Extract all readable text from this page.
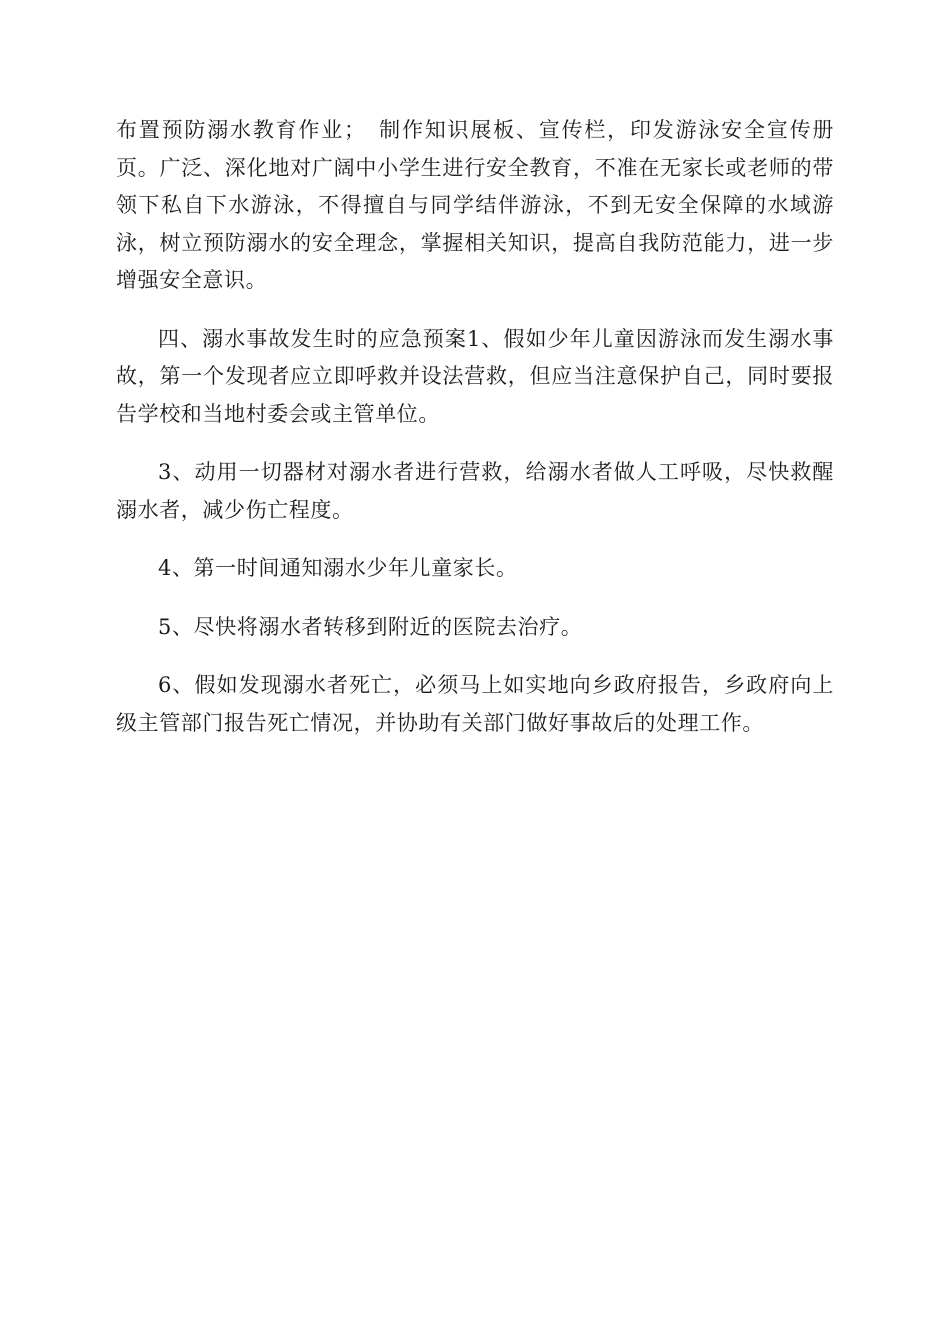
布置预防溺水教育作业；　制作知识展板、宣传栏，印发游泳安全宣传册页。广泛、深化地对广阔中小学生进行安全教育，不准在无家长或老师的带领下私自下水游泳，不得擅自与同学结伴游泳，不到无安全保障的水域游泳，树立预防溺水的安全理念，掌握相关知识，提高自我防范能力，进一步增强安全意识。

四、溺水事故发生时的应急预案1、假如少年儿童因游泳而发生溺水事故，第一个发现者应立即呼救并设法营救，但应当注意保护自己，同时要报告学校和当地村委会或主管单位。

3、动用一切器材对溺水者进行营救，给溺水者做人工呼吸，尽快救醒溺水者，减少伤亡程度。

4、第一时间通知溺水少年儿童家长。

5、尽快将溺水者转移到附近的医院去治疗。

6、假如发现溺水者死亡，必须马上如实地向乡政府报告，乡政府向上级主管部门报告死亡情况，并协助有关部门做好事故后的处理工作。
